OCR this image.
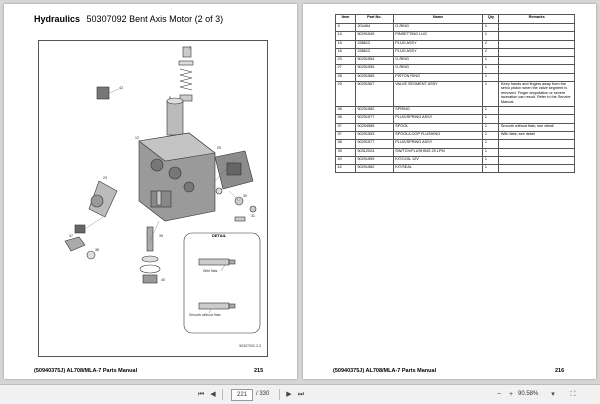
Hydraulics 50307092 Bent Axis Motor (2 of 3)
42
7
8
12
29
30
31
37
38
39
40
23
DETAIL
With flats
Smooth without flats
50307092-2-3
(50940375J) AL708/MLA-7 Parts Manual	215
Item	Part No.	Name	Qty	Remarks
3	204464	O-RING	1	
14	50291549	PINSETTING LUG	1	
15	238612	PLUG ASSY	2	
16	238612	PLUG ASSY	2	
23	50291554	O-RING	1	
27	50291555	O-RING	1	
28	50291565	PISTON RING	1	
29	50291567	VALVE SEGMENT ASSY	1	Keep hands and fingers away from the servo piston when the valve segment is removed. Finger amputation or severe laceration can result. Refer to the Service Manual.
35	50291582	SPRING	1	
36	50291577	PLUG/SPRING ASSY	1	
37	50294585	SPOOL	1	Smooth without flats; see detail
37	50291553	SPOOL/LOOP FLUSHING	1	With flats; see detail
38	50291577	PLUG/SPRING ASSY	1	
39	50312024	SW/TCH/FLUSHING 20 LPM	1	
40	50291559	KIT/COIL 12V	1	
42	50291582	KIT/SEAL	1	
(50940375J) AL708/MLA-7 Parts Manual	216
⏮ ◀	221	/ 330	▶ ⏭	−	+ 90.58%	▾	⛶
